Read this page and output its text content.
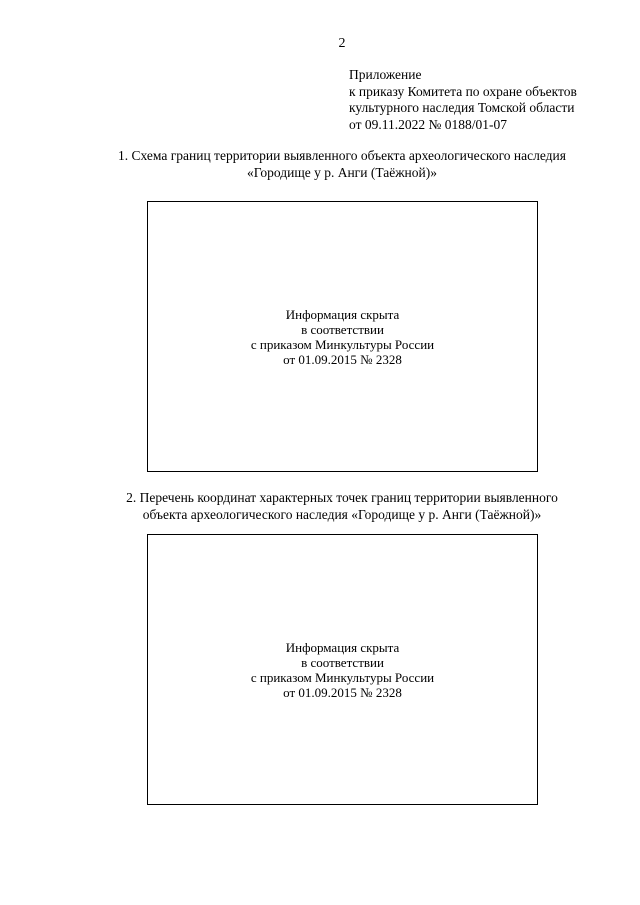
2
Приложение
к приказу Комитета по охране объектов
культурного наследия Томской области
от 09.11.2022 № 0188/01-07
1. Схема границ территории выявленного объекта археологического наследия
«Городище у р. Анги (Таёжной)»
Информация скрыта
в соответствии
с приказом Минкультуры России
от 01.09.2015 № 2328
2. Перечень координат характерных точек границ территории выявленного
объекта археологического наследия «Городище у р. Анги (Таёжной)»
Информация скрыта
в соответствии
с приказом Минкультуры России
от 01.09.2015 № 2328
